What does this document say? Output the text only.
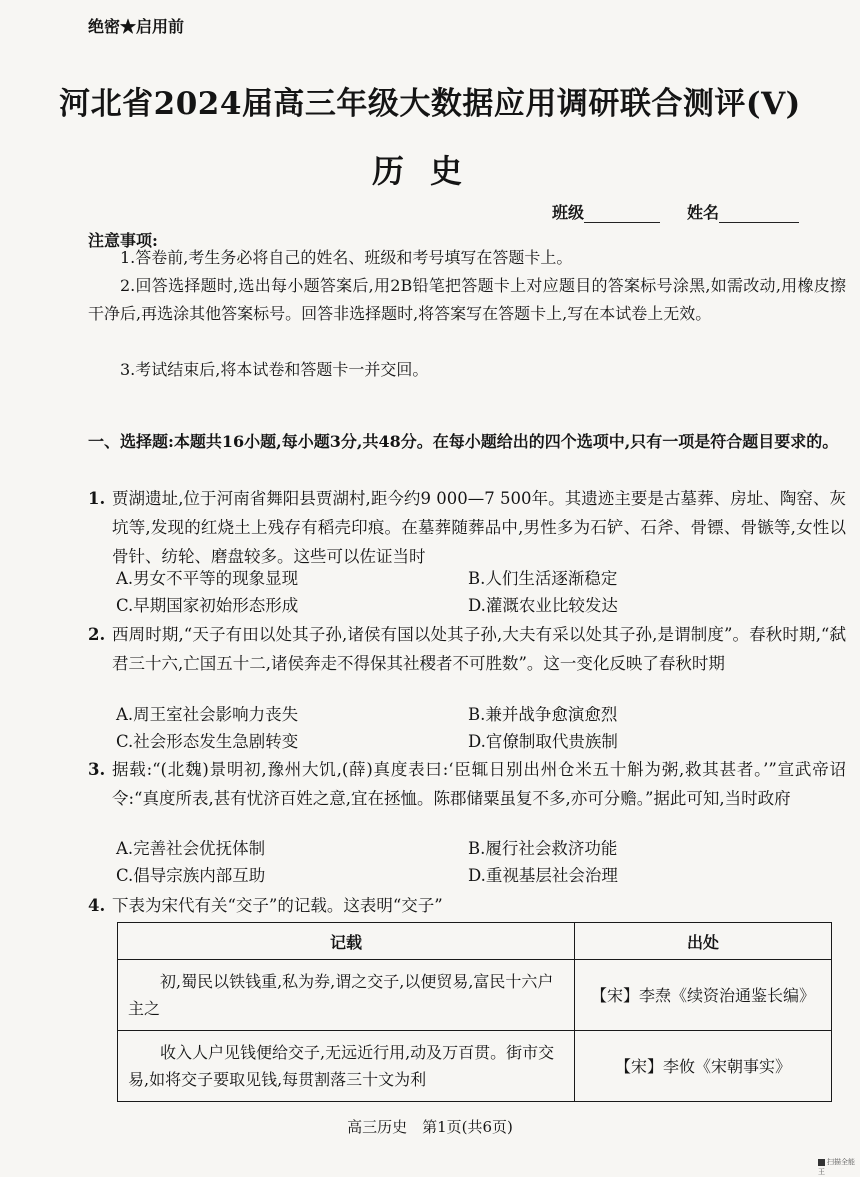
绝密★启用前
河北省2024届高三年级大数据应用调研联合测评(Ⅴ)
历史
班级	姓名
注意事项:
1.答卷前,考生务必将自己的姓名、班级和考号填写在答题卡上。
2.回答选择题时,选出每小题答案后,用2B铅笔把答题卡上对应题目的答案标号涂黑,如需改动,用橡皮擦干净后,再选涂其他答案标号。回答非选择题时,将答案写在答题卡上,写在本试卷上无效。
3.考试结束后,将本试卷和答题卡一并交回。
一、选择题:本题共16小题,每小题3分,共48分。在每小题给出的四个选项中,只有一项是符合题目要求的。
1. 贾湖遗址,位于河南省舞阳县贾湖村,距今约9 000—7 500年。其遗迹主要是古墓葬、房址、陶窑、灰坑等,发现的红烧土上残存有稻壳印痕。在墓葬随葬品中,男性多为石铲、石斧、骨镖、骨镞等,女性以骨针、纺轮、磨盘较多。这些可以佐证当时
A.男女不平等的现象显现	B.人们生活逐渐稳定
C.早期国家初始形态形成	D.灌溉农业比较发达
2. 西周时期,“天子有田以处其子孙,诸侯有国以处其子孙,大夫有采以处其子孙,是谓制度”。春秋时期,“弑君三十六,亡国五十二,诸侯奔走不得保其社稷者不可胜数”。这一变化反映了春秋时期
A.周王室社会影响力丧失	B.兼并战争愈演愈烈
C.社会形态发生急剧转变	D.官僚制取代贵族制
3. 据载:“(北魏)景明初,豫州大饥,(薛)真度表曰:‘臣辄日别出州仓米五十斛为粥,救其甚者。’”宣武帝诏令:“真度所表,甚有忧济百姓之意,宜在拯恤。陈郡储粟虽复不多,亦可分赡。”据此可知,当时政府
A.完善社会优抚体制	B.履行社会救济功能
C.倡导宗族内部互助	D.重视基层社会治理
4. 下表为宋代有关“交子”的记载。这表明“交子”
记载	出处
初,蜀民以铁钱重,私为券,谓之交子,以便贸易,富民十六户主之	【宋】李焘《续资治通鉴长编》
收入人户见钱便给交子,无远近行用,动及万百贯。街市交易,如将交子要取见钱,每贯割落三十文为利	【宋】李攸《宋朝事实》
高三历史　第1页(共6页)
扫描全能王
